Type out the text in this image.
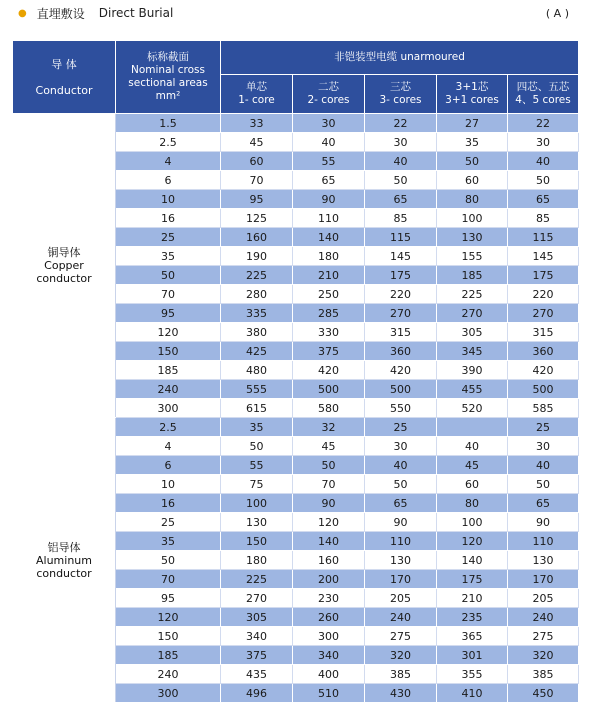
● 直埋敷设 Direct Burial	( A )
导 体

Conductor	标称截面
Nominal cross
sectional areas
mm²	非铠装型电缆 unarmoured				
		单芯
1- core	二芯
2- cores	三芯
3- cores	3+1芯
3+1 cores	四芯、五芯
4、5 cores
铜导体
Copper
conductor	1.5	33	30	22	27	22
	2.5	45	40	30	35	30
	4	60	55	40	50	40
	6	70	65	50	60	50
	10	95	90	65	80	65
	16	125	110	85	100	85
	25	160	140	115	130	115
	35	190	180	145	155	145
	50	225	210	175	185	175
	70	280	250	220	225	220
	95	335	285	270	270	270
	120	380	330	315	305	315
	150	425	375	360	345	360
	185	480	420	420	390	420
	240	555	500	500	455	500
	300	615	580	550	520	585
铝导体
Aluminum
conductor	2.5	35	32	25		25
	4	50	45	30	40	30
	6	55	50	40	45	40
	10	75	70	50	60	50
	16	100	90	65	80	65
	25	130	120	90	100	90
	35	150	140	110	120	110
	50	180	160	130	140	130
	70	225	200	170	175	170
	95	270	230	205	210	205
	120	305	260	240	235	240
	150	340	300	275	365	275
	185	375	340	320	301	320
	240	435	400	385	355	385
	300	496	510	430	410	450
